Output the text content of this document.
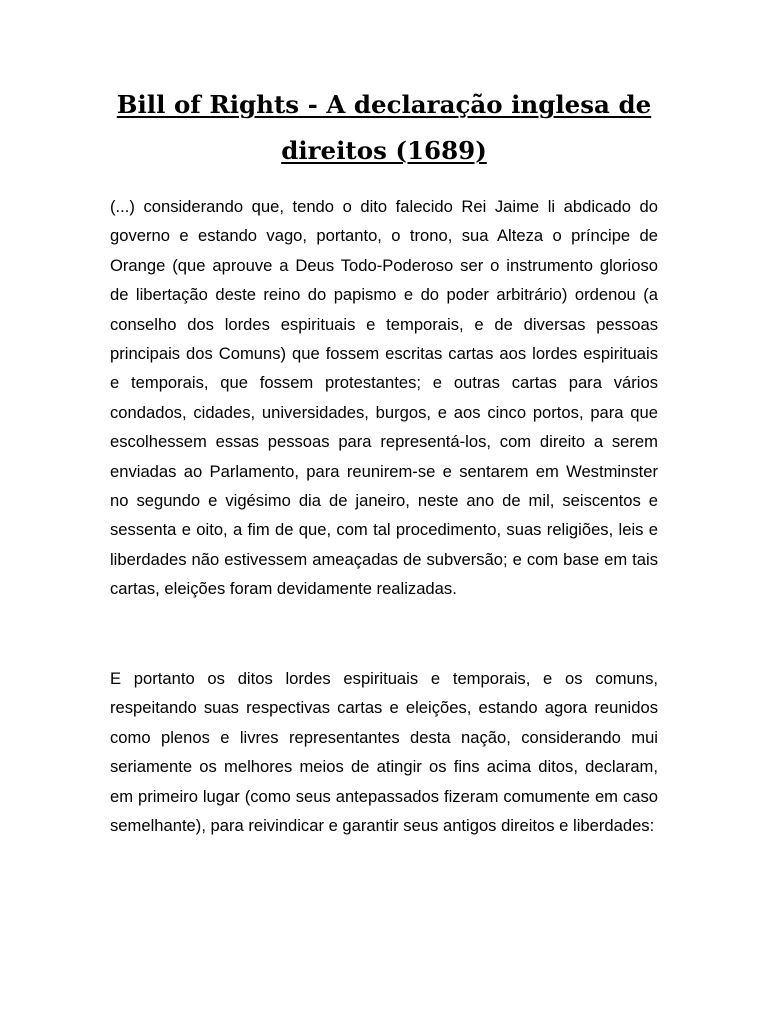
Bill of Rights - A declaração inglesa de direitos (1689)

(...) considerando que, tendo o dito falecido Rei Jaime li abdicado do governo e estando vago, portanto, o trono, sua Alteza o príncipe de Orange (que aprouve a Deus Todo-Poderoso ser o instrumento glorioso de libertação deste reino do papismo e do poder arbitrário) ordenou (a conselho dos lordes espirituais e temporais, e de diversas pessoas principais dos Comuns) que fossem escritas cartas aos lordes espirituais e temporais, que fossem protestantes; e outras cartas para vários condados, cidades, universidades, burgos, e aos cinco portos, para que escolhessem essas pessoas para representá-los, com direito a serem enviadas ao Parlamento, para reunirem-se e sentarem em Westminster no segundo e vigésimo dia de janeiro, neste ano de mil, seiscentos e sessenta e oito, a fim de que, com tal procedimento, suas religiões, leis e liberdades não estivessem ameaçadas de subversão; e com base em tais cartas, eleições foram devidamente realizadas.

E portanto os ditos lordes espirituais e temporais, e os comuns, respeitando suas respectivas cartas e eleições, estando agora reunidos como plenos e livres representantes desta nação, considerando mui seriamente os melhores meios de atingir os fins acima ditos, declaram, em primeiro lugar (como seus antepassados fizeram comumente em caso semelhante), para reivindicar e garantir seus antigos direitos e liberdades:
